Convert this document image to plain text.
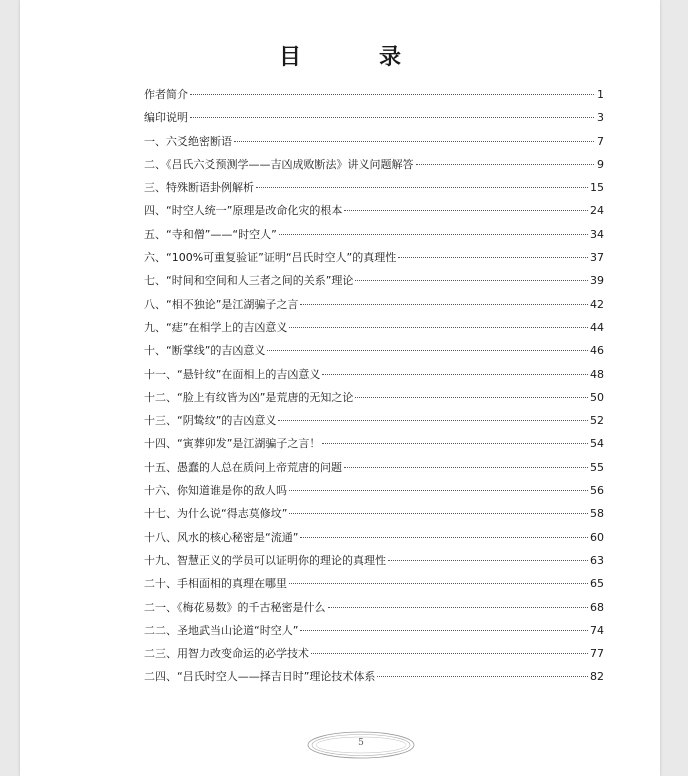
目　录
作者简介	1
编印说明	3
一、六爻绝密断语	7
二、《吕氏六爻预测学——吉凶成败断法》讲义问题解答	9
三、特殊断语卦例解析	15
四、“时空人统一”原理是改命化灾的根本	24
五、“寺和僧”——“时空人”	34
六、“100%可重复验证”证明“吕氏时空人”的真理性	37
七、“时间和空间和人三者之间的关系”理论	39
八、“相不独论”是江湖骗子之言	42
九、“痣”在相学上的吉凶意义	44
十、“断掌线”的吉凶意义	46
十一、“悬针纹”在面相上的吉凶意义	48
十二、“脸上有纹皆为凶”是荒唐的无知之论	50
十三、“阴鸷纹”的吉凶意义	52
十四、“寅葬卯发”是江湖骗子之言！	54
十五、愚蠢的人总在质问上帝荒唐的问题	55
十六、你知道谁是你的敌人吗	56
十七、为什么说“得志莫修坟”	58
十八、风水的核心秘密是“流通”	60
十九、智慧正义的学员可以证明你的理论的真理性	63
二十、手相面相的真理在哪里	65
二一、《梅花易数》的千古秘密是什么	68
二二、圣地武当山论道“时空人”	74
二三、用智力改变命运的必学技术	77
二四、“吕氏时空人——择吉日时”理论技术体系	82
5
